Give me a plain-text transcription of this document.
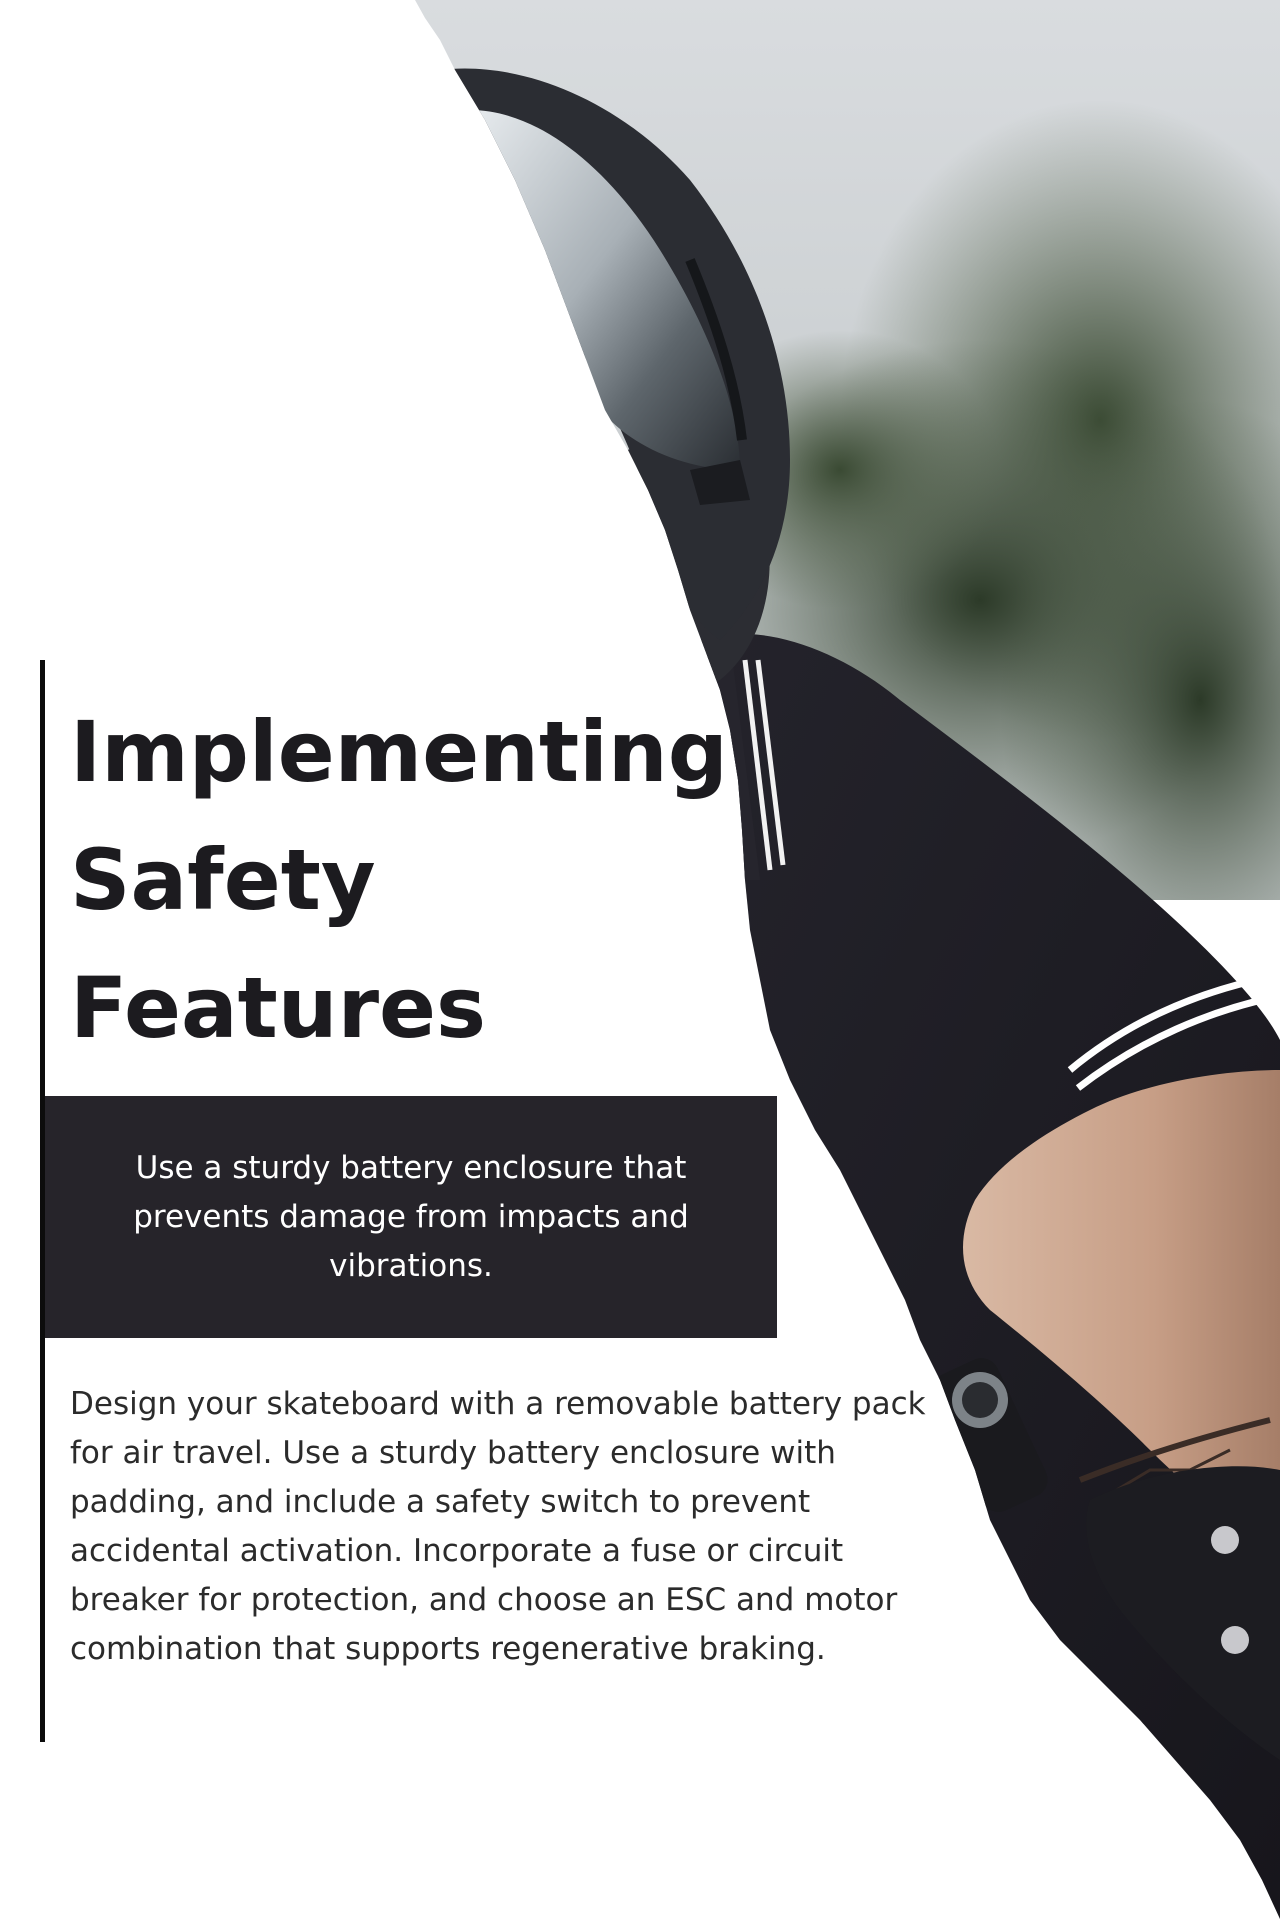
Implementing
Safety
Features

Use a sturdy battery enclosure that prevents damage from impacts and vibrations.

Design your skateboard with a removable battery pack for air travel. Use a sturdy battery enclosure with padding, and include a safety switch to prevent accidental activation. Incorporate a fuse or circuit breaker for protection, and choose an ESC and motor combination that supports regenerative braking.
